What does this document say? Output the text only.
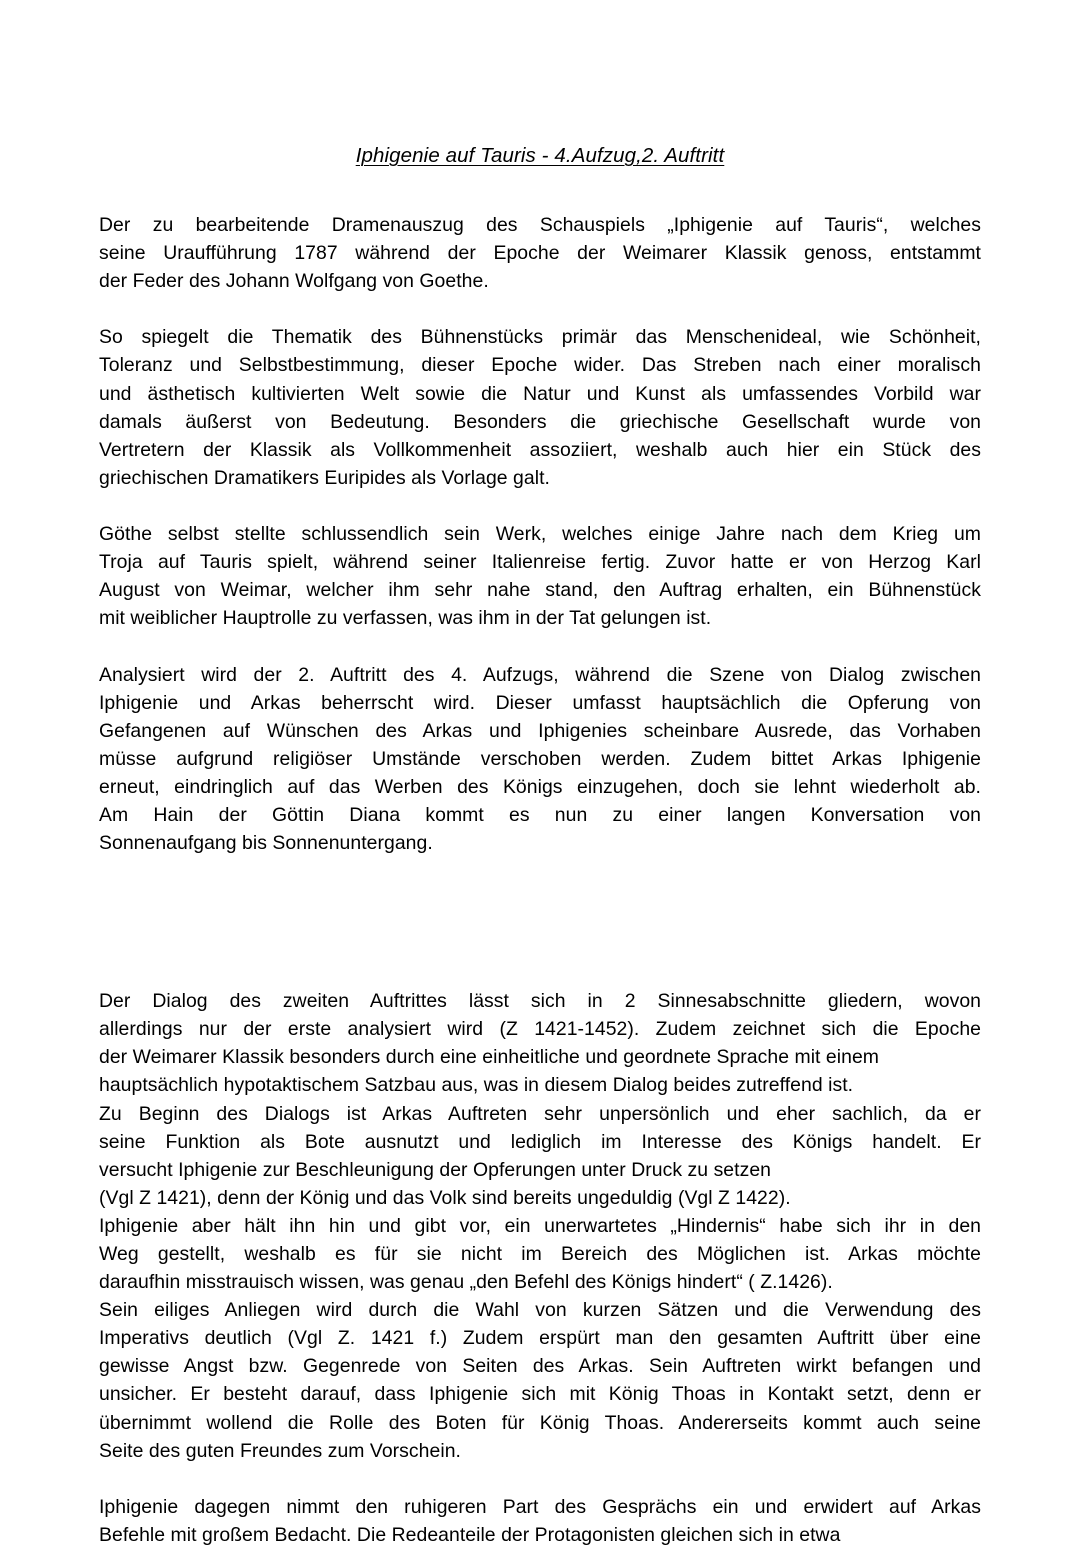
Iphigenie auf Tauris - 4.Aufzug,2. Auftritt

Der zu bearbeitende Dramenauszug des Schauspiels „Iphigenie auf Tauris“, welches
seine Uraufführung 1787 während der Epoche der Weimarer Klassik genoss, entstammt
der Feder des Johann Wolfgang von Goethe.

So spiegelt die Thematik des Bühnenstücks primär das Menschenideal, wie Schönheit,
Toleranz und Selbstbestimmung, dieser Epoche wider. Das Streben nach einer moralisch
und ästhetisch kultivierten Welt sowie die Natur und Kunst als umfassendes Vorbild war
damals äußerst von Bedeutung. Besonders die griechische Gesellschaft wurde von
Vertretern der Klassik als Vollkommenheit assoziiert, weshalb auch hier ein Stück des
griechischen Dramatikers Euripides als Vorlage galt.

Göthe selbst stellte schlussendlich sein Werk, welches einige Jahre nach dem Krieg um
Troja auf Tauris spielt, während seiner Italienreise fertig. Zuvor hatte er von Herzog Karl
August von Weimar, welcher ihm sehr nahe stand, den Auftrag erhalten, ein Bühnenstück
mit weiblicher Hauptrolle zu verfassen, was ihm in der Tat gelungen ist.

Analysiert wird der 2. Auftritt des 4. Aufzugs, während die Szene von Dialog zwischen
Iphigenie und Arkas beherrscht wird. Dieser umfasst hauptsächlich die Opferung von
Gefangenen auf Wünschen des Arkas und Iphigenies scheinbare Ausrede, das Vorhaben
müsse aufgrund religiöser Umstände verschoben werden. Zudem bittet Arkas Iphigenie
erneut, eindringlich auf das Werben des Königs einzugehen, doch sie lehnt wiederholt ab.
Am Hain der Göttin Diana kommt es nun zu einer langen Konversation von
Sonnenaufgang bis Sonnenuntergang.

Der Dialog des zweiten Auftrittes lässt sich in 2 Sinnesabschnitte gliedern, wovon
allerdings nur der erste analysiert wird (Z 1421-1452). Zudem zeichnet sich die Epoche
der Weimarer Klassik besonders durch eine einheitliche und geordnete Sprache mit einem
hauptsächlich hypotaktischem Satzbau aus, was in diesem Dialog beides zutreffend ist.

Zu Beginn des Dialogs ist Arkas Auftreten sehr unpersönlich und eher sachlich, da er
seine Funktion als Bote ausnutzt und lediglich im Interesse des Königs handelt. Er
versucht Iphigenie zur Beschleunigung der Opferungen unter Druck zu setzen
(Vgl Z 1421), denn der König und das Volk sind bereits ungeduldig (Vgl Z 1422).

Iphigenie aber hält ihn hin und gibt vor, ein unerwartetes „Hindernis“ habe sich ihr in den
Weg gestellt, weshalb es für sie nicht im Bereich des Möglichen ist. Arkas möchte
daraufhin misstrauisch wissen, was genau „den Befehl des Königs hindert“ ( Z.1426).

Sein eiliges Anliegen wird durch die Wahl von kurzen Sätzen und die Verwendung des
Imperativs deutlich (Vgl Z. 1421 f.) Zudem erspürt man den gesamten Auftritt über eine
gewisse Angst bzw. Gegenrede von Seiten des Arkas. Sein Auftreten wirkt befangen und
unsicher. Er besteht darauf, dass Iphigenie sich mit König Thoas in Kontakt setzt, denn er
übernimmt wollend die Rolle des Boten für König Thoas. Andererseits kommt auch seine
Seite des guten Freundes zum Vorschein.

Iphigenie dagegen nimmt den ruhigeren Part des Gesprächs ein und erwidert auf Arkas
Befehle mit großem Bedacht. Die Redeanteile der Protagonisten gleichen sich in etwa
